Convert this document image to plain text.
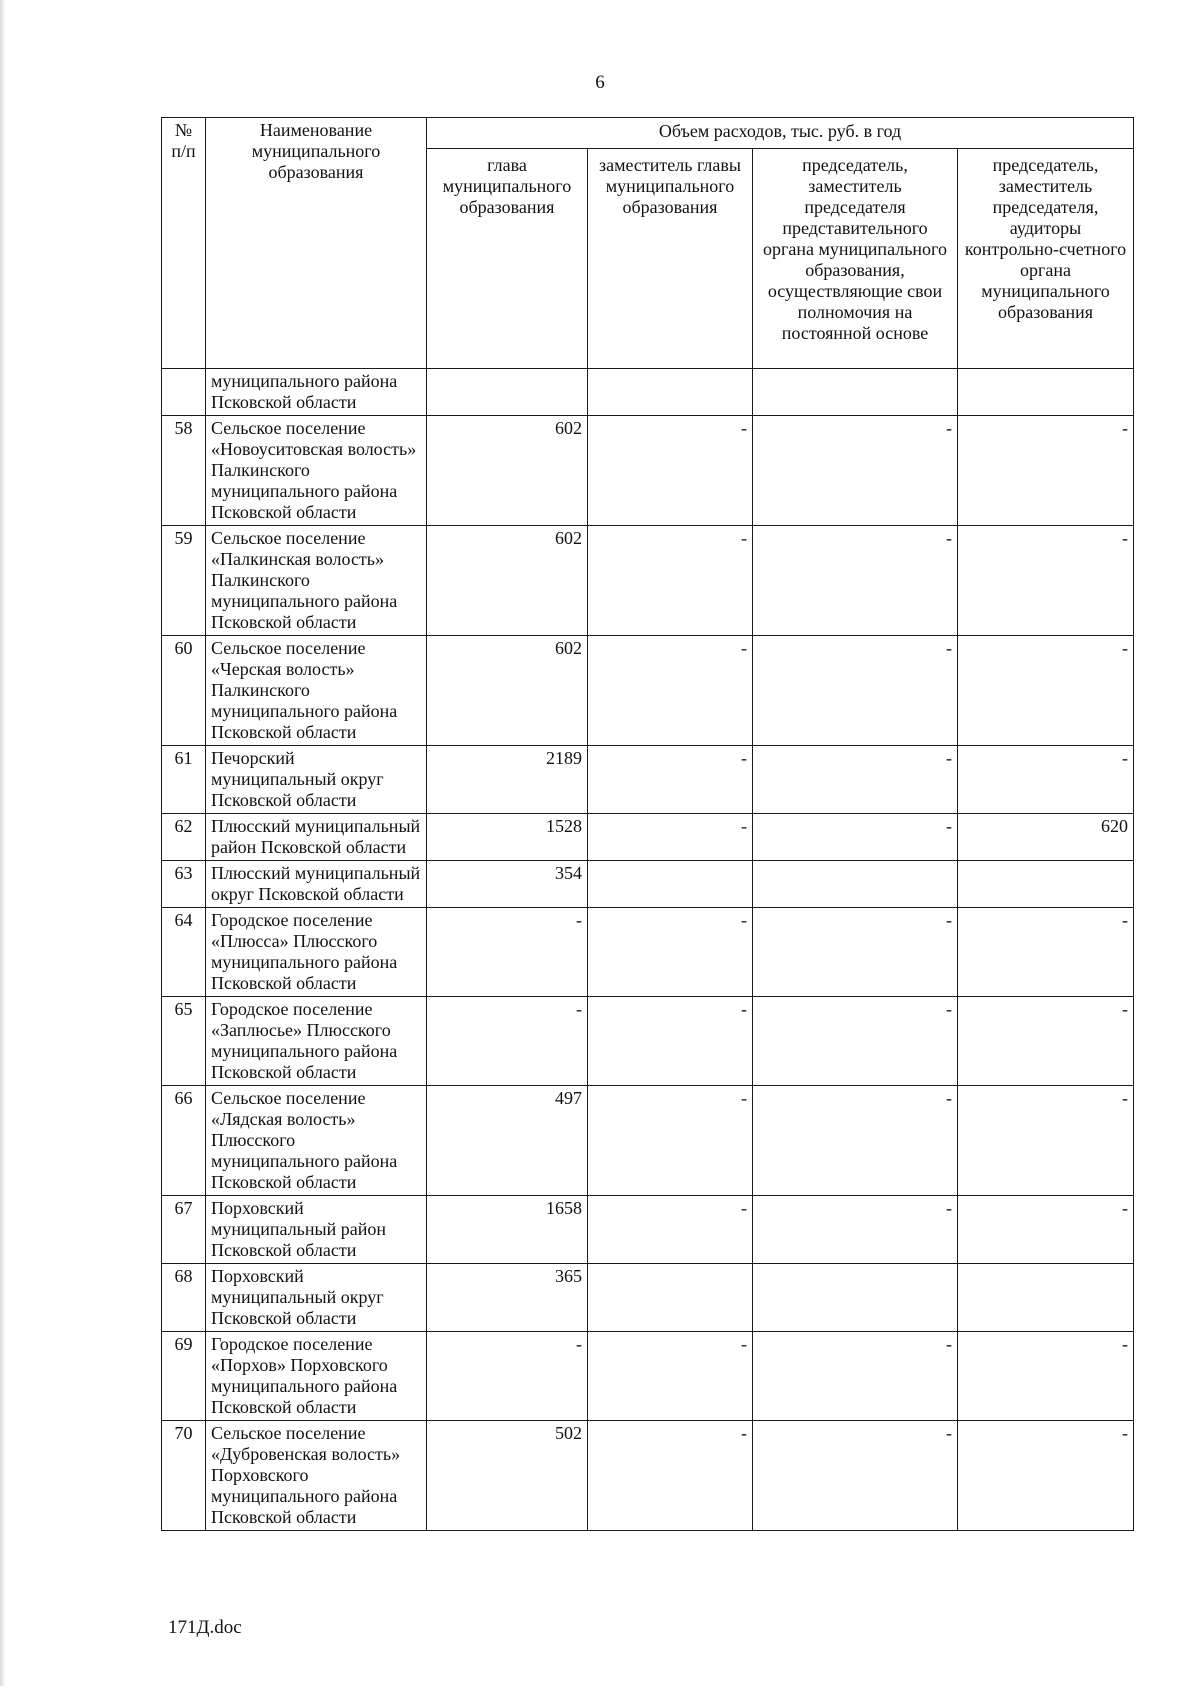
6
№ п/п	Наименование муниципального образования	Объем расходов, тыс. руб. в год			
		глава муниципального образования	заместитель главы муниципального образования	председатель, заместитель председателя представительного органа муниципального образования, осуществляющие свои полномочия на постоянной основе	председатель, заместитель председателя, аудиторы контрольно-счетного органа муниципального образования
	муниципального района Псковской области				
58	Сельское поселение «Новоуситовская волость» Палкинского муниципального района Псковской области	602	-	-	-
59	Сельское поселение «Палкинская волость» Палкинского муниципального района Псковской области	602	-	-	-
60	Сельское поселение «Черская волость» Палкинского муниципального района Псковской области	602	-	-	-
61	Печорский муниципальный округ Псковской области	2189	-	-	-
62	Плюсский муниципальный район Псковской области	1528	-	-	620
63	Плюсский муниципальный округ Псковской области	354			
64	Городское поселение «Плюсса» Плюсского муниципального района Псковской области	-	-	-	-
65	Городское поселение «Заплюсье» Плюсского муниципального района Псковской области	-	-	-	-
66	Сельское поселение «Лядская волость» Плюсского муниципального района Псковской области	497	-	-	-
67	Порховский муниципальный район Псковской области	1658	-	-	-
68	Порховский муниципальный округ Псковской области	365			
69	Городское поселение «Порхов» Порховского муниципального района Псковской области	-	-	-	-
70	Сельское поселение «Дубровенская волость» Порховского муниципального района Псковской области	502	-	-	-
171Д.doc
